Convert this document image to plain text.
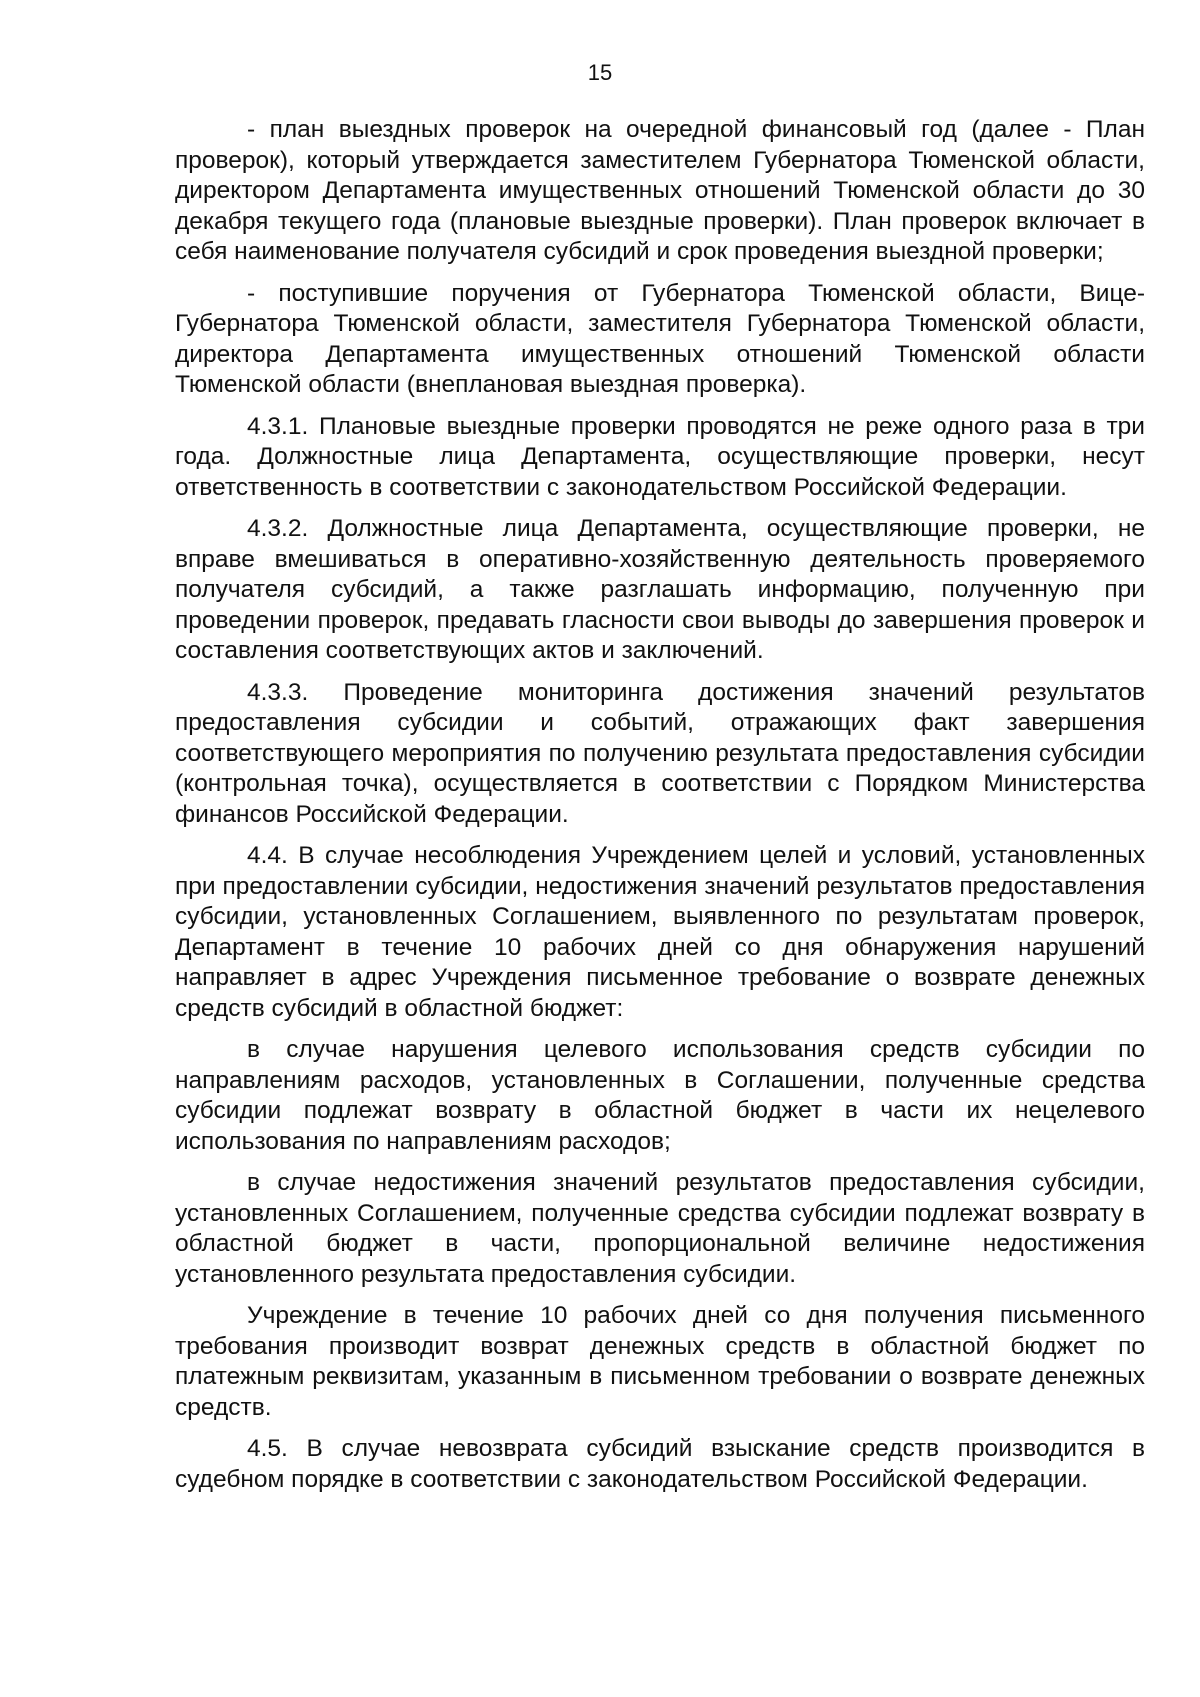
15

- план выездных проверок на очередной финансовый год (далее - План проверок), который утверждается заместителем Губернатора Тюменской области, директором Департамента имущественных отношений Тюменской области до 30 декабря текущего года (плановые выездные проверки). План проверок включает в себя наименование получателя субсидий и срок проведения выездной проверки;

- поступившие поручения от Губернатора Тюменской области, Вице-Губернатора Тюменской области, заместителя Губернатора Тюменской области, директора Департамента имущественных отношений Тюменской области Тюменской области (внеплановая выездная проверка).

4.3.1. Плановые выездные проверки проводятся не реже одного раза в три года. Должностные лица Департамента, осуществляющие проверки, несут ответственность в соответствии с законодательством Российской Федерации.

4.3.2. Должностные лица Департамента, осуществляющие проверки, не вправе вмешиваться в оперативно-хозяйственную деятельность проверяемого получателя субсидий, а также разглашать информацию, полученную при проведении проверок, предавать гласности свои выводы до завершения проверок и составления соответствующих актов и заключений.

4.3.3. Проведение мониторинга достижения значений результатов предоставления субсидии и событий, отражающих факт завершения соответствующего мероприятия по получению результата предоставления субсидии (контрольная точка), осуществляется в соответствии с Порядком Министерства финансов Российской Федерации.

4.4. В случае несоблюдения Учреждением целей и условий, установленных при предоставлении субсидии, недостижения значений результатов предоставления субсидии, установленных Соглашением, выявленного по результатам проверок, Департамент в течение 10 рабочих дней со дня обнаружения нарушений направляет в адрес Учреждения письменное требование о возврате денежных средств субсидий в областной бюджет:

в случае нарушения целевого использования средств субсидии по направлениям расходов, установленных в Соглашении, полученные средства субсидии подлежат возврату в областной бюджет в части их нецелевого использования по направлениям расходов;

в случае недостижения значений результатов предоставления субсидии, установленных Соглашением, полученные средства субсидии подлежат возврату в областной бюджет в части, пропорциональной величине недостижения установленного результата предоставления субсидии.

Учреждение в течение 10 рабочих дней со дня получения письменного требования производит возврат денежных средств в областной бюджет по платежным реквизитам, указанным в письменном требовании о возврате денежных средств.

4.5. В случае невозврата субсидий взыскание средств производится в судебном порядке в соответствии с законодательством Российской Федерации.
